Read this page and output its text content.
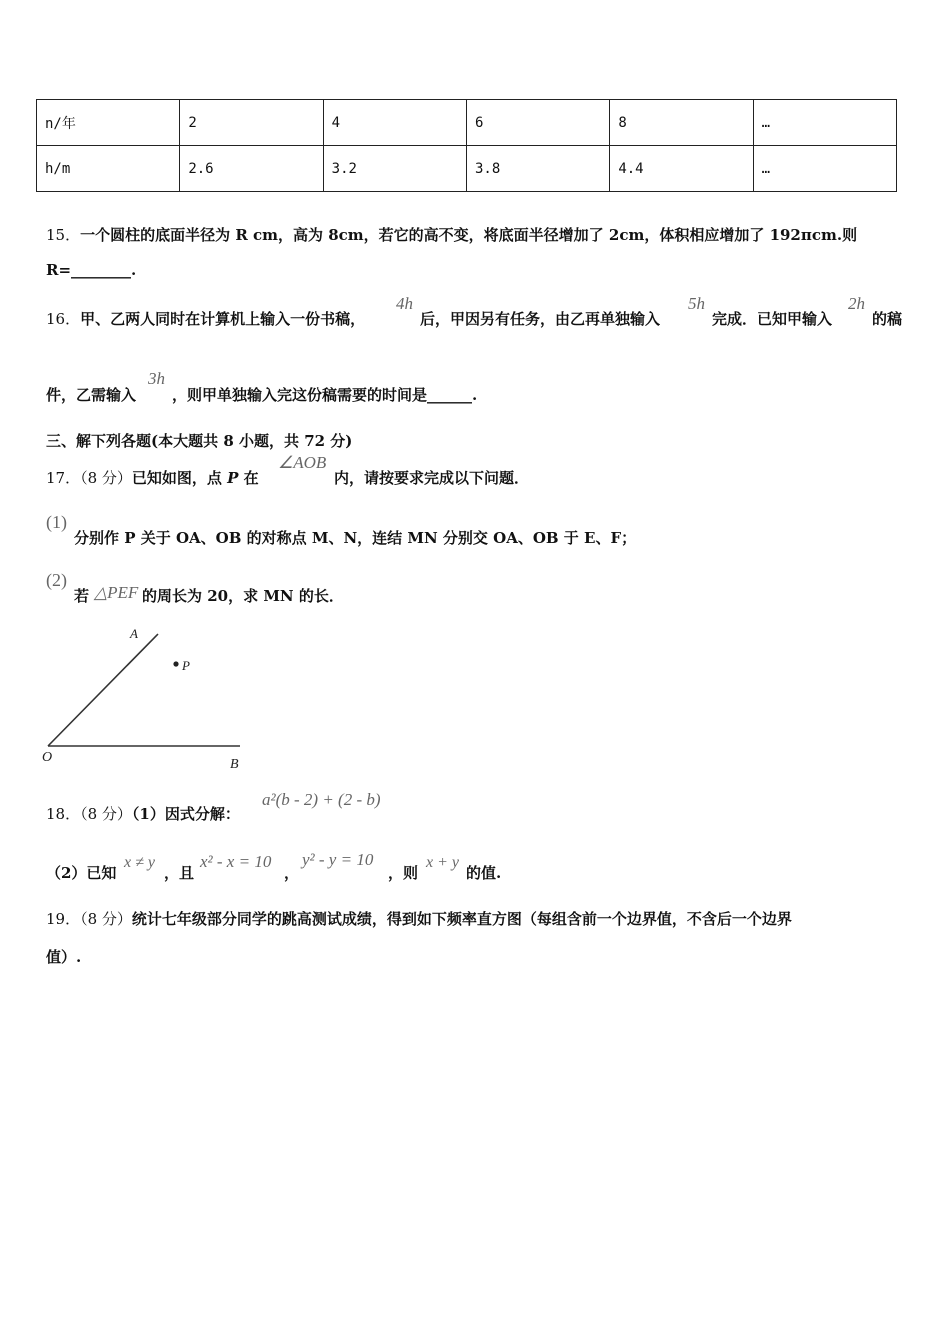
n/年	2	4	6	8	…
h/m	2.6	3.2	3.8	4.4	…
15．一个圆柱的底面半径为 R cm，高为 8cm，若它的高不变，将底面半径增加了 2cm，体积相应增加了 192πcm.则
R=________.
16．甲、乙两人同时在计算机上输入一份书稿，
4h
后，甲因另有任务，由乙再单独输入
5h
完成．已知甲输入
2h
的稿
件，乙需输入
3h
，则甲单独输入完这份稿需要的时间是______.
三、解下列各题(本大题共 8 小题，共 72 分)
17．（8 分）已知如图，点 P 在
∠AOB
内，请按要求完成以下问题．
(1)
分别作 P 关于 OA、OB 的对称点 M、N，连结 MN 分别交 OA、OB 于 E、F；
(2)
若 △PEF 的周长为 20，求 MN 的长．
A
P
O	B
18．（8 分）（1）因式分解：
a²(b - 2) + (2 - b)
（2）已知
x ≠ y
，且
x² - x = 10
，
y² - y = 10
，则
x + y
的值.
19．（8 分）统计七年级部分同学的跳高测试成绩，得到如下频率直方图（每组含前一个边界值，不含后一个边界
值）.
